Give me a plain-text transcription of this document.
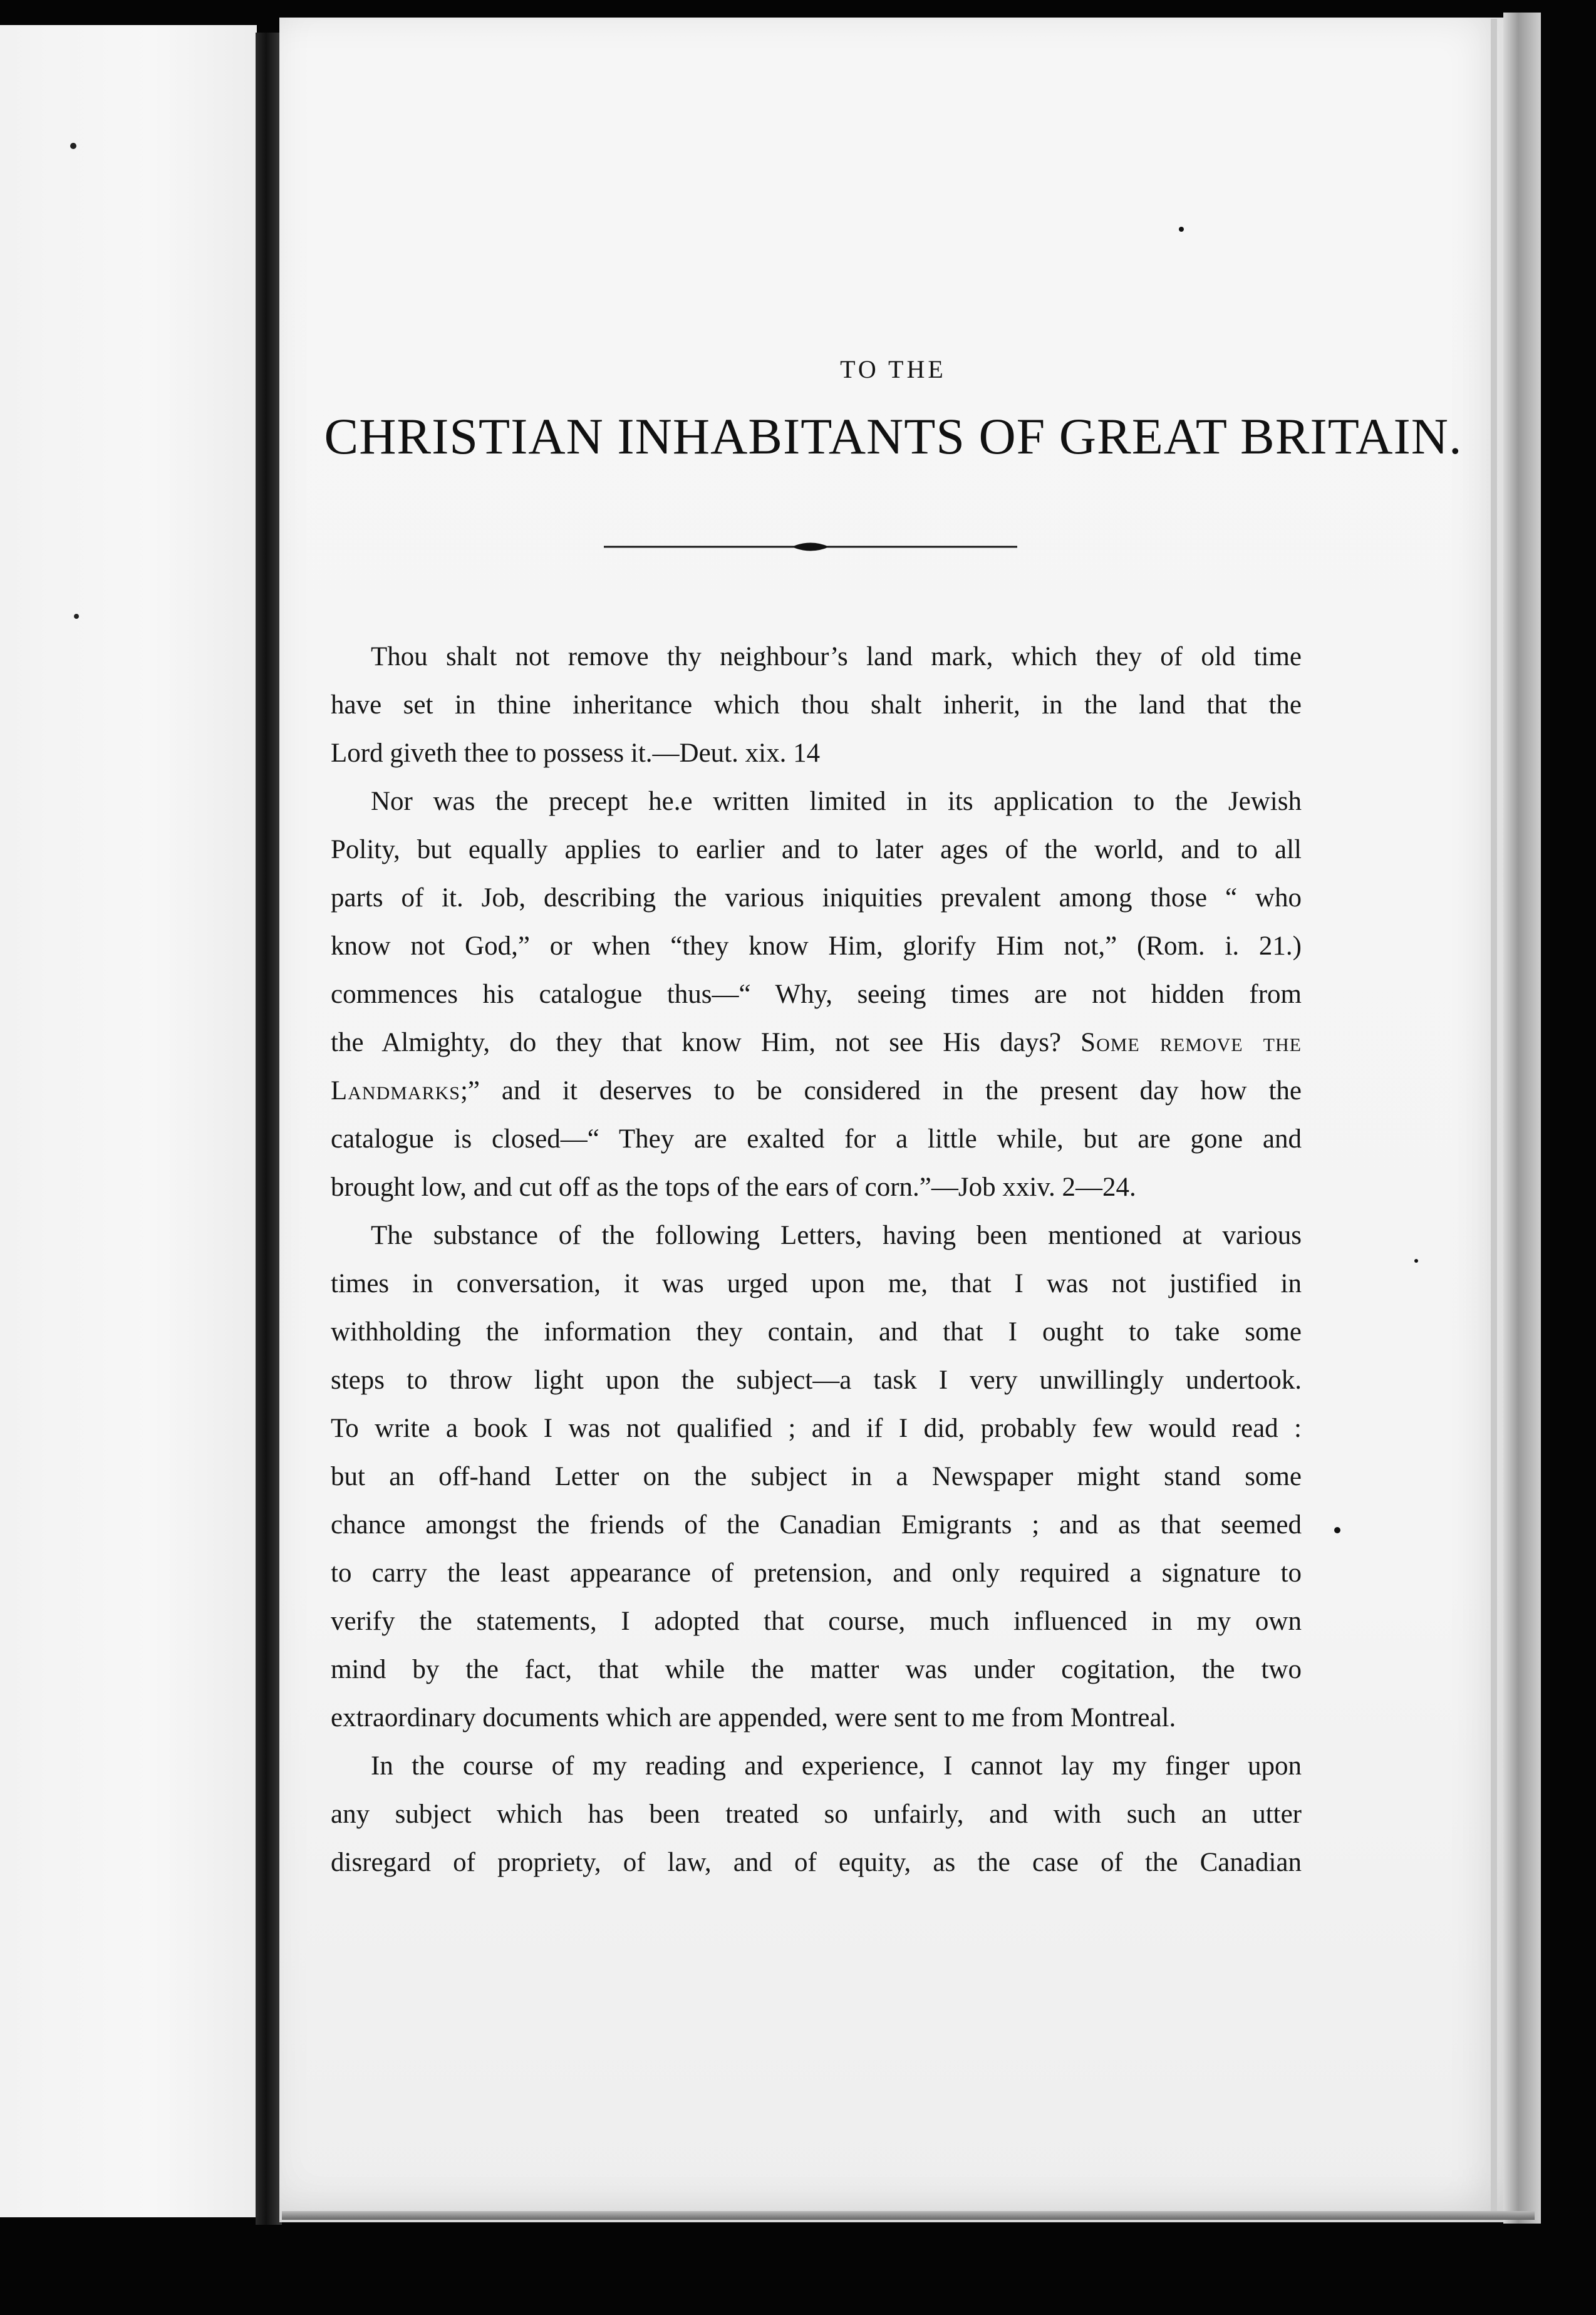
TO THE
CHRISTIAN INHABITANTS OF GREAT BRITAIN.

Thou shalt not remove thy neighbour’s land mark, which they of old time
have set in thine inheritance which thou shalt inherit, in the land that the
Lord giveth thee to possess it.—Deut. xix. 14

Nor was the precept he.e written limited in its application to the Jewish
Polity, but equally applies to earlier and to later ages of the world, and to all
parts of it. Job, describing the various iniquities prevalent among those “ who
know not God,” or when “they know Him, glorify Him not,” (Rom. i. 21.)
commences his catalogue thus—“ Why, seeing times are not hidden from
the Almighty, do they that know Him, not see His days? Some remove the
Landmarks;” and it deserves to be considered in the present day how the
catalogue is closed—“ They are exalted for a little while, but are gone and
brought low, and cut off as the tops of the ears of corn.”—Job xxiv. 2—24.

The substance of the following Letters, having been mentioned at various
times in conversation, it was urged upon me, that I was not justified in
withholding the information they contain, and that I ought to take some
steps to throw light upon the subject—a task I very unwillingly undertook.
To write a book I was not qualified ; and if I did, probably few would read :
but an off-hand Letter on the subject in a Newspaper might stand some
chance amongst the friends of the Canadian Emigrants ; and as that seemed
to carry the least appearance of pretension, and only required a signature to
verify the statements, I adopted that course, much influenced in my own
mind by the fact, that while the matter was under cogitation, the two
extraordinary documents which are appended, were sent to me from Montreal.

In the course of my reading and experience, I cannot lay my finger upon
any subject which has been treated so unfairly, and with such an utter
disregard of propriety, of law, and of equity, as the case of the Canadian
